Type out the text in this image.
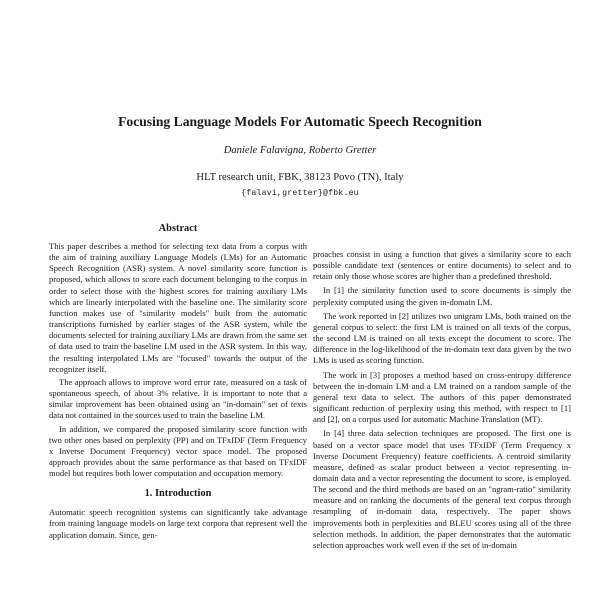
Focusing Language Models For Automatic Speech Recognition
Daniele Falavigna, Roberto Gretter
HLT research unit, FBK, 38123 Povo (TN), Italy
{falavi,gretter}@fbk.eu
Abstract

This paper describes a method for selecting text data from a corpus with the aim of training auxiliary Language Models (LMs) for an Automatic Speech Recognition (ASR) system. A novel similarity score function is proposed, which allows to score each document belonging to the corpus in order to select those with the highest scores for training auxiliary LMs which are linearly interpolated with the baseline one. The similarity score function makes use of "similarity models" built from the automatic transcriptions furnished by earlier stages of the ASR system, while the documents selected for training auxiliary LMs are drawn from the same set of data used to train the baseline LM used in the ASR system. In this way, the resulting interpolated LMs are "focused" towards the output of the recognizer itself.

The approach allows to improve word error rate, measured on a task of spontaneous speech, of about 3% relative. It is important to note that a similar improvement has been obtained using an "in-domain" set of texts data not contained in the sources used to train the baseline LM.

In addition, we compared the proposed similarity score function with two other ones based on perplexity (PP) and on TFxIDF (Term Frequency x Inverse Document Frequency) vector space model. The proposed approach provides about the same performance as that based on TFxIDF model but requires both lower computation and occupation memory.

1. Introduction

Automatic speech recognition systems can significantly take advantage from training language models on large text corpora that represent well the application domain. Since, gen-

proaches consist in using a function that gives a similarity score to each possible candidate text (sentences or entire documents) to select and to retain only those whose scores are higher than a predefined threshold.

In [1] the similarity function used to score documents is simply the perplexity computed using the given in-domain LM.

The work reported in [2] utilizes two unigram LMs, both trained on the general corpus to select: the first LM is trained on all texts of the corpus, the second LM is trained on all texts except the document to score. The difference in the log-likelihood of the in-domain text data given by the two LMs is used as scoring function.

The work in [3] proposes a method based on cross-entropy difference between the in-domain LM and a LM trained on a random sample of the general text data to select. The authors of this paper demonstrated significant reduction of perplexity using this method, with respect to [1] and [2], on a corpus used for automatic Machine Translation (MT).

In [4] three data selection techniques are proposed. The first one is based on a vector space model that uses TFxIDF (Term Frequency x Inverse Document Frequency) feature coefficients. A centroid similarity measure, defined as scalar product between a vector representing in-domain data and a vector representing the document to score, is employed. The second and the third methods are based on an "ngram-ratio" similarity measure and on ranking the documents of the general text corpus through resampling of in-domain data, respectively. The paper shows improvements both in perplexities and BLEU scores using all of the three selection methods. In addition, the paper demonstrates that the automatic selection approaches work well even if the set of in-domain
